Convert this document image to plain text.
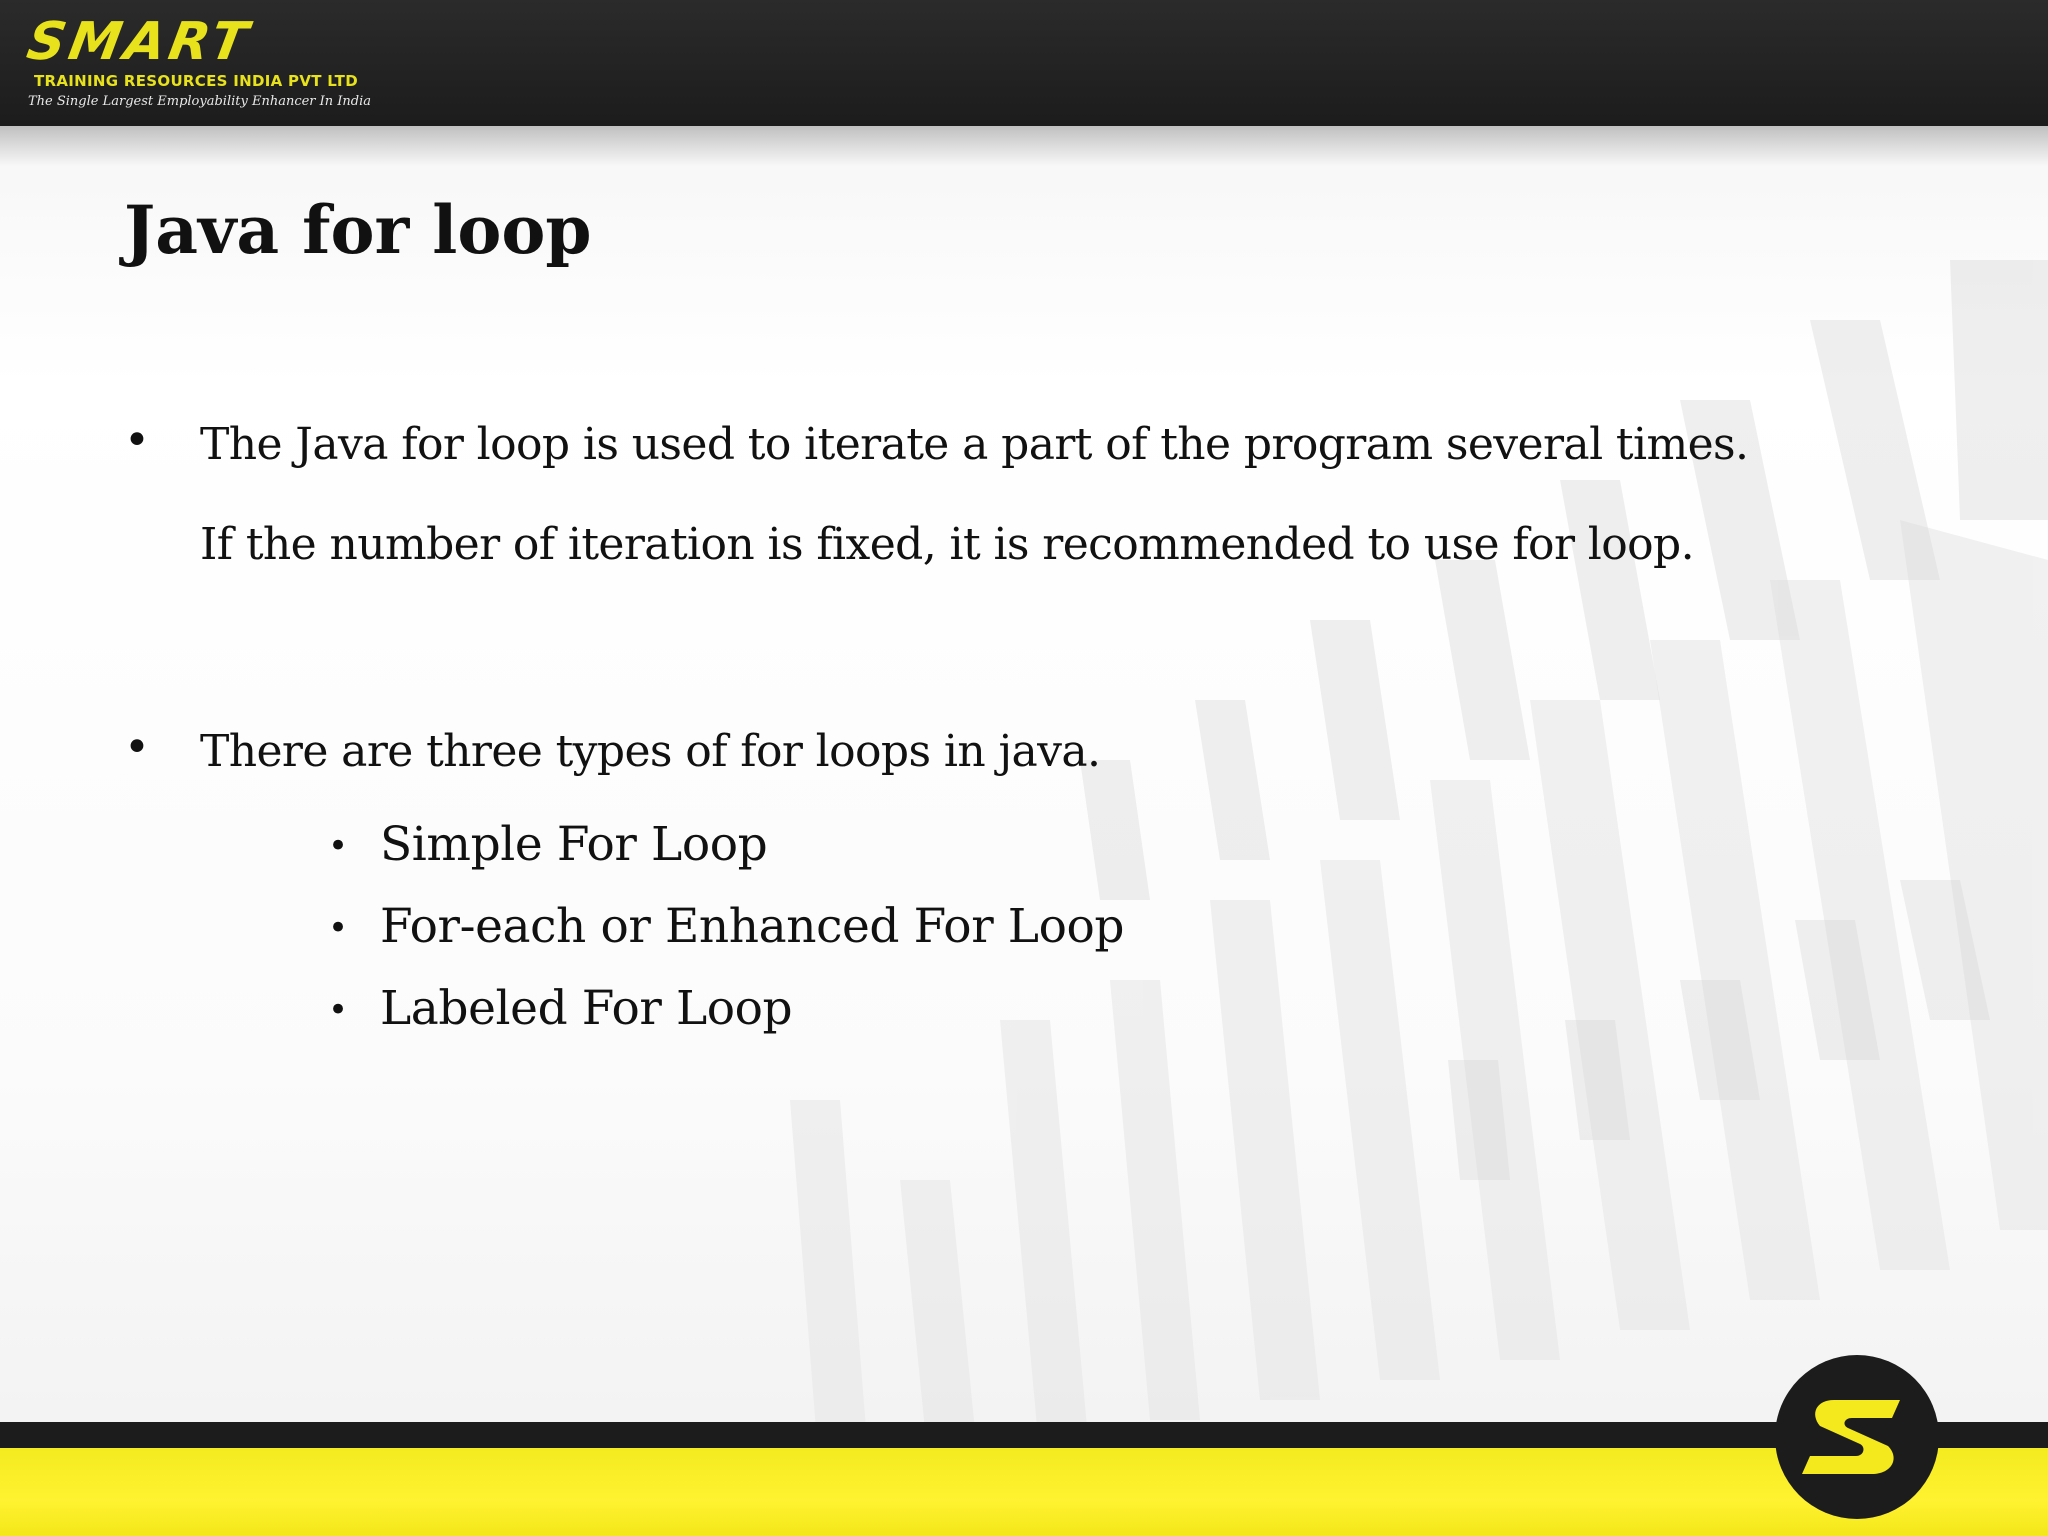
SMART
TRAINING RESOURCES INDIA PVT LTD
The Single Largest Employability Enhancer In India
Java for loop
• The Java for loop is used to iterate a part of the program several times.
If the number of iteration is fixed, it is recommended to use for loop.
• There are three types of for loops in java.
• Simple For Loop
• For-each or Enhanced For Loop
• Labeled For Loop
